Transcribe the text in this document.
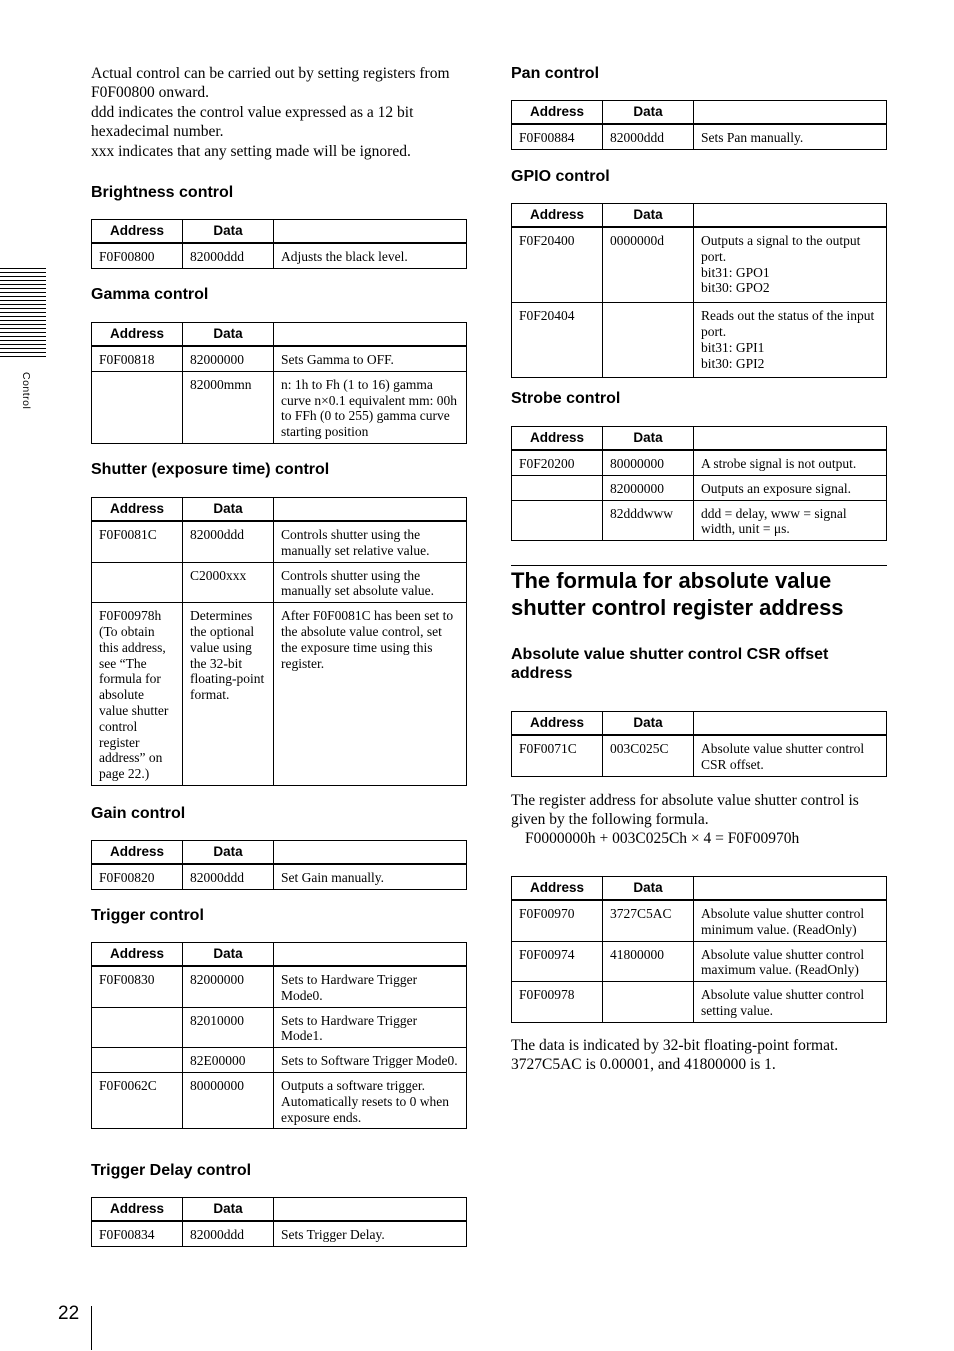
Control
Actual control can be carried out by setting registers from F0F00800 onward.
ddd indicates the control value expressed as a 12 bit hexadecimal number.
xxx indicates that any setting made will be ignored.
Brightness control
Address	Data	
F0F00800	82000ddd	Adjusts the black level.
Gamma control
Address	Data	
F0F00818	82000000	Sets Gamma to OFF.
	82000mmn	n: 1h to Fh (1 to 16) gamma curve n×0.1 equivalent mm: 00h to FFh (0 to 255) gamma curve starting position
Shutter (exposure time) control
Address	Data	
F0F0081C	82000ddd	Controls shutter using the manually set relative value.
	C2000xxx	Controls shutter using the manually set absolute value.
F0F00978h (To obtain this address, see “The formula for absolute value shutter control register address” on page 22.)	Determines the optional value using the 32-bit floating-point format.	After F0F0081C has been set to the absolute value control, set the exposure time using this register.
Gain control
Address	Data	
F0F00820	82000ddd	Set Gain manually.
Trigger control
Address	Data	
F0F00830	82000000	Sets to Hardware Trigger Mode0.
	82010000	Sets to Hardware Trigger Mode1.
	82E00000	Sets to Software Trigger Mode0.
F0F0062C	80000000	Outputs a software trigger. Automatically resets to 0 when exposure ends.
Trigger Delay control
Address	Data	
F0F00834	82000ddd	Sets Trigger Delay.
Pan control
Address	Data	
F0F00884	82000ddd	Sets Pan manually.
GPIO control
Address	Data	
F0F20400	0000000d	Outputs a signal to the output port.
bit31: GPO1
bit30: GPO2

F0F20404		Reads out the status of the input port.
bit31: GPI1
bit30: GPI2
Strobe control
Address	Data	
F0F20200	80000000	A strobe signal is not output.
	82000000	Outputs an exposure signal.
	82dddwww	ddd = delay, www = signal width, unit = μs.
The formula for absolute value shutter control register address
Absolute value shutter control CSR offset address
Address	Data	
F0F0071C	003C025C	Absolute value shutter control CSR offset.
The register address for absolute value shutter control is given by the following formula.
F0000000h + 003C025Ch × 4 = F0F00970h
Address	Data	
F0F00970	3727C5AC	Absolute value shutter control minimum value. (ReadOnly)
F0F00974	41800000	Absolute value shutter control maximum value. (ReadOnly)
F0F00978		Absolute value shutter control setting value.
The data is indicated by 32-bit floating-point format. 3727C5AC is 0.00001, and 41800000 is 1.
22
